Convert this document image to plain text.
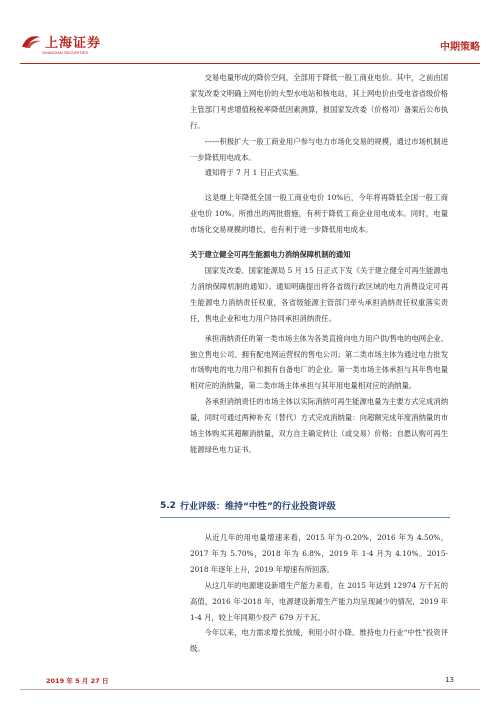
上海证券
SHANGHAI SECURITIES	中期策略

交易电量形成的降价空间，全部用于降低一般工商业电价。其中，之前由国家发改委文明确上网电价的大型水电站和核电站，其上网电价由受电省省级价格主管部门考虑增值税税率降低因素测算，报国家发改委（价格司）备案后公布执行。

------积极扩大一般工商业用户参与电力市场化交易的规模，通过市场机制进一步降低用电成本。

通知将于 7 月 1 日正式实施。

这是继上年降低全国一般工商业电价 10%后，今年将再降低全国一般工商业电价 10%。所推出的两批措施，有利于降低工商企业用电成本。同时，电量市场化交易规模的增长，也有利于进一步降低用电成本。

关于建立健全可再生能源电力消纳保障机制的通知

国家发改委、国家能源局 5 月 15 日正式下发《关于建立健全可再生能源电力消纳保障机制的通知》。通知明确提出将各省级行政区域的电力消费设定可再生能源电力消纳责任权重，各省级能源主管部门牵头承担消纳责任权重落实责任，售电企业和电力用户协同承担消纳责任。

承担消纳责任的第一类市场主体为各类直接向电力用户供/售电的电网企业、独立售电公司、拥有配电网运营权的售电公司；第二类市场主体为通过电力批发市场购电的电力用户和拥有自备电厂的企业。第一类市场主体承担与其年售电量相对应的消纳量，第二类市场主体承担与其年用电量相对应的消纳量。

各承担消纳责任的市场主体以实际消纳可再生能源电量为主要方式完成消纳量，同时可通过两种补充（替代）方式完成消纳量：向超额完成年度消纳量的市场主体购买其超额消纳量，双方自主确定转让（或交易）价格；自愿认购可再生能源绿色电力证书。

5.2 行业评级：维持“中性”的行业投资评级

从近几年的用电量增速来看，2015 年为-0.20%，2016 年为 4.50%，2017 年为 5.70%，2018 年为 6.8%，2019 年 1-4 月为 4.10%。2015-2018 年逐年上升，2019 年增速有所回落。

从这几年的电源建设新增生产能力来看，在 2015 年达到 12974 万千瓦的高值，2016 年-2018 年，电源建设新增生产能力均呈现减少的情况，2019 年 1-4 月，较上年同期少投产 679 万千瓦。

今年以来，电力需求增长放缓，利用小时小降。维持电力行业“中性”投资评级。

2019 年 5 月 27 日	13
